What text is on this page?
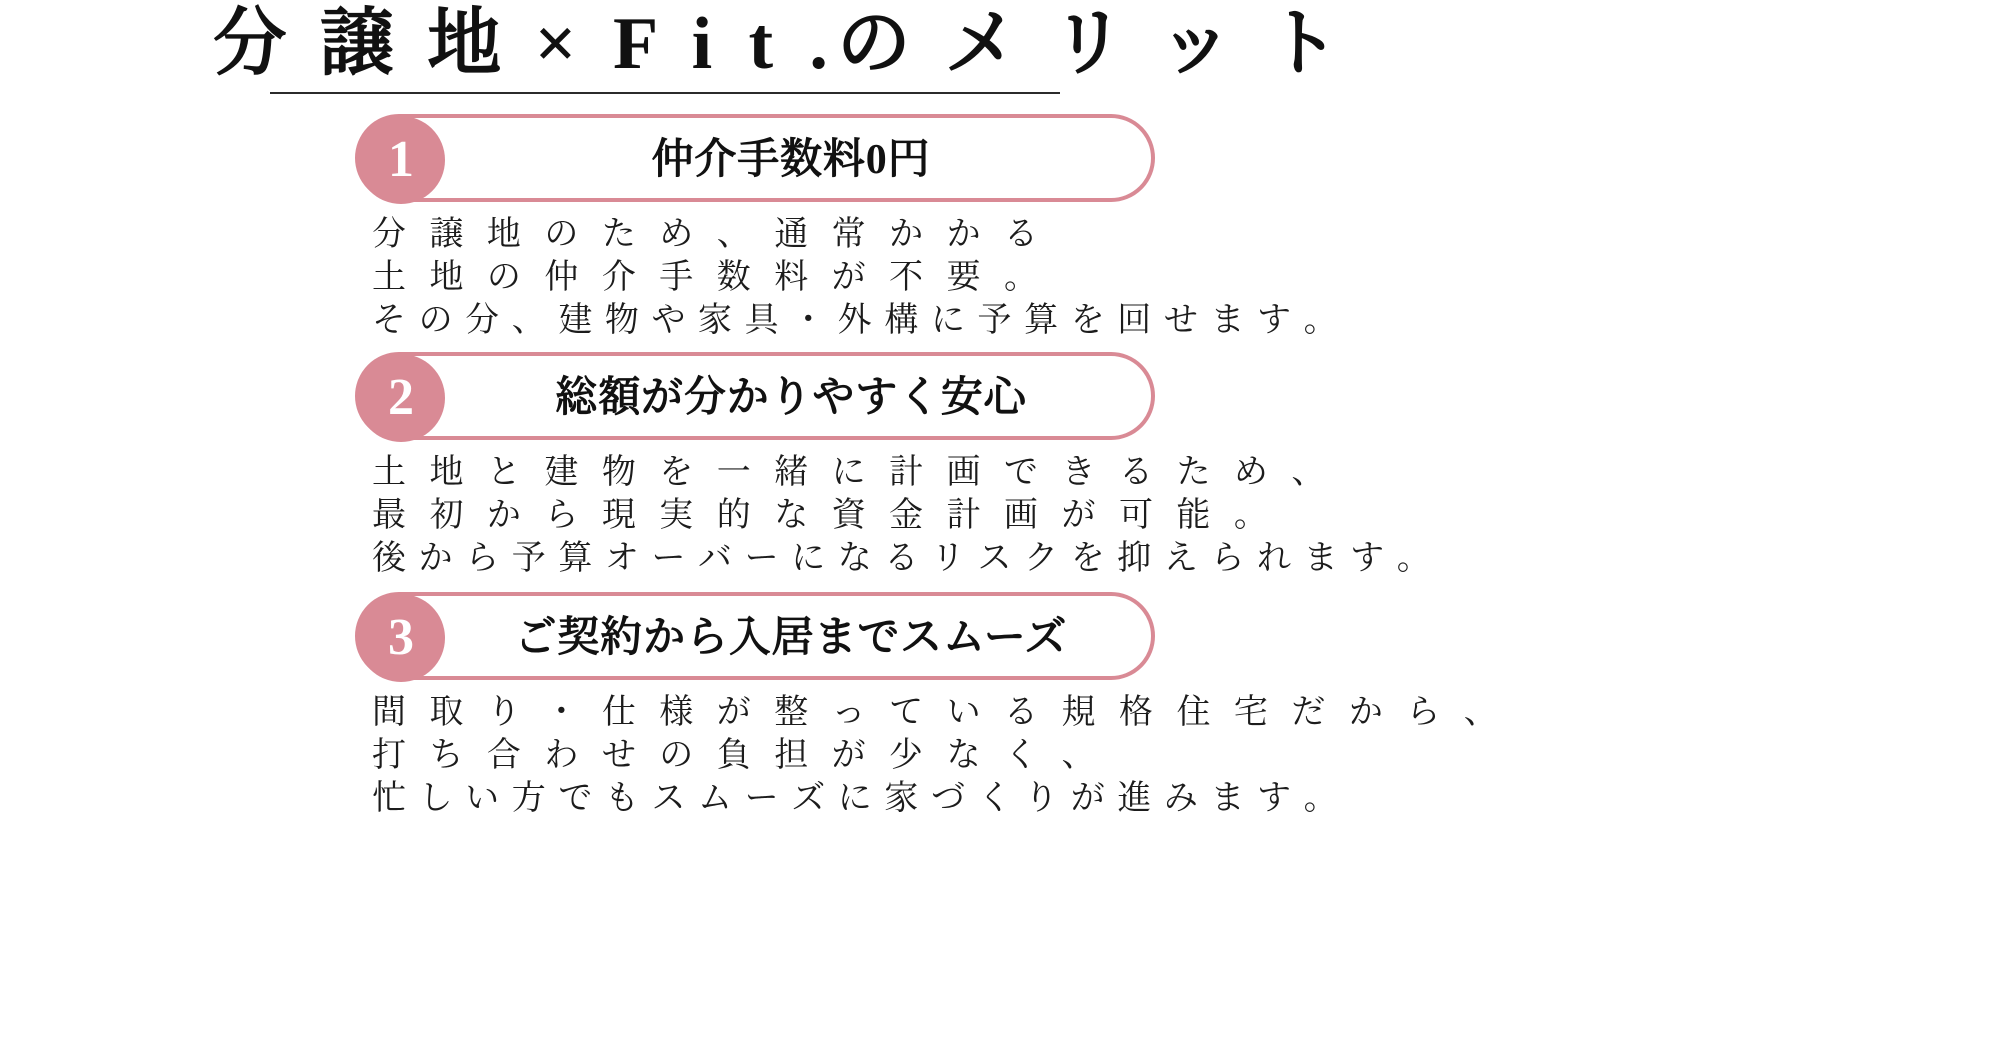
分 譲 地 × F i t .の メ リ ッ ト
1	仲介手数料0円
分 譲 地 の た め 、 通 常 か か る
土 地 の 仲 介 手 数 料 が 不 要 。
そ の 分 、 建 物 や 家 具 ・ 外 構 に 予 算 を 回 せ ま す 。
2	総額が分かりやすく安心
土 地 と 建 物 を 一 緒 に 計 画 で き る た め 、
最 初 か ら 現 実 的 な 資 金 計 画 が 可 能 。
後 か ら 予 算 オ ー バ ー に な る リ ス ク を 抑 え ら れ ま す 。
3	ご契約から入居までスムーズ
間 取 り ・ 仕 様 が 整 っ て い る 規 格 住 宅 だ か ら 、
打 ち 合 わ せ の 負 担 が 少 な く 、
忙 し い 方 で も ス ム ー ズ に 家 づ く り が 進 み ま す 。
